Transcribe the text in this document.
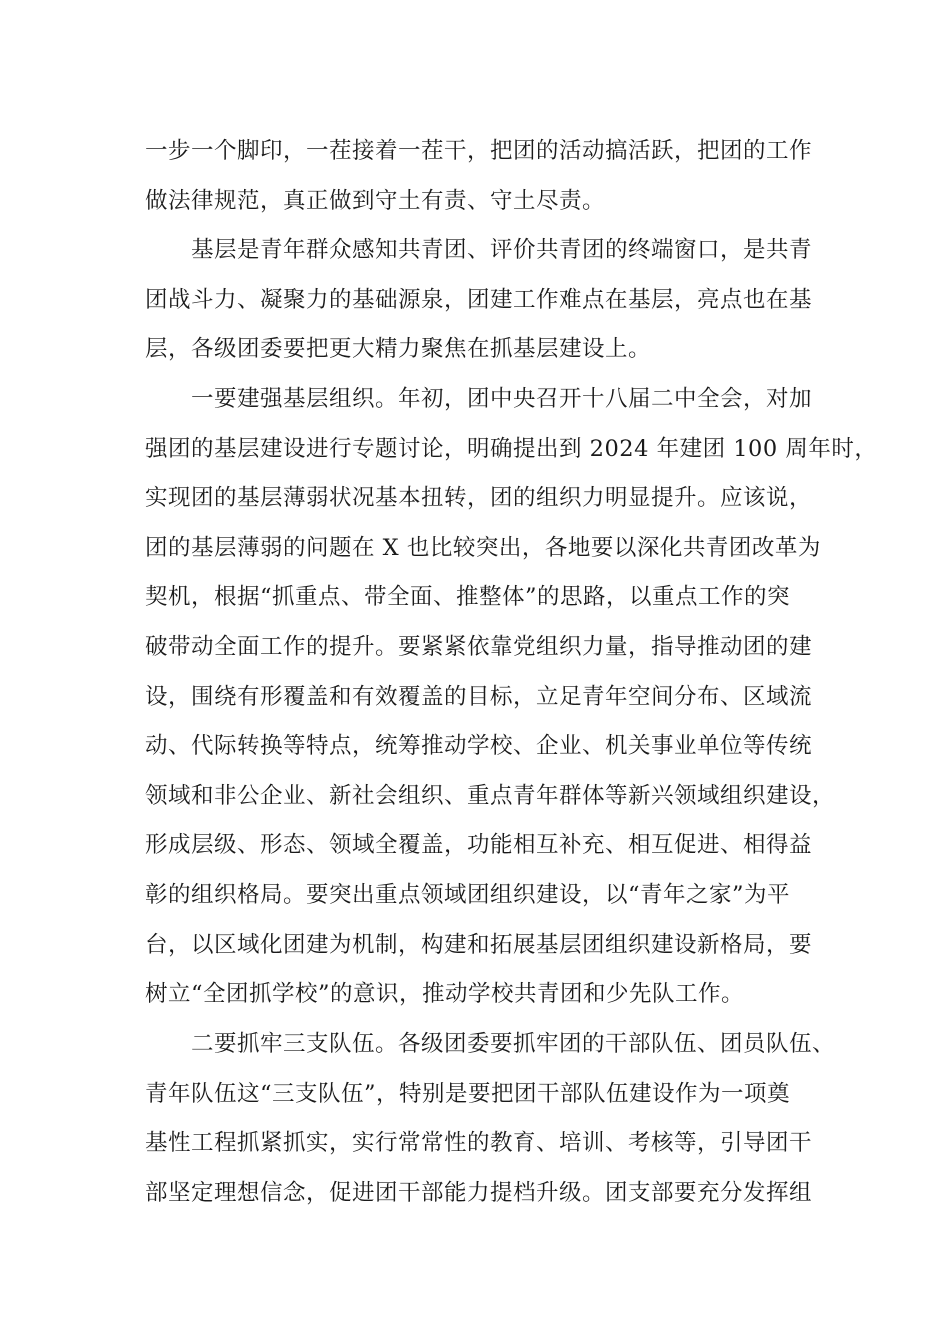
一步一个脚印，一茬接着一茬干，把团的活动搞活跃，把团的工作
做法律规范，真正做到守土有责、守土尽责。

基层是青年群众感知共青团、评价共青团的终端窗口，是共青
团战斗力、凝聚力的基础源泉，团建工作难点在基层，亮点也在基
层，各级团委要把更大精力聚焦在抓基层建设上。

一要建强基层组织。年初，团中央召开十八届二中全会，对加
强团的基层建设进行专题讨论，明确提出到 2024 年建团 100 周年时，
实现团的基层薄弱状况基本扭转，团的组织力明显提升。应该说，
团的基层薄弱的问题在 X 也比较突出，各地要以深化共青团改革为
契机，根据“抓重点、带全面、推整体”的思路，以重点工作的突
破带动全面工作的提升。要紧紧依靠党组织力量，指导推动团的建
设，围绕有形覆盖和有效覆盖的目标，立足青年空间分布、区域流
动、代际转换等特点，统筹推动学校、企业、机关事业单位等传统
领域和非公企业、新社会组织、重点青年群体等新兴领域组织建设，
形成层级、形态、领域全覆盖，功能相互补充、相互促进、相得益
彰的组织格局。要突出重点领域团组织建设，以“青年之家”为平
台，以区域化团建为机制，构建和拓展基层团组织建设新格局，要
树立“全团抓学校”的意识，推动学校共青团和少先队工作。

二要抓牢三支队伍。各级团委要抓牢团的干部队伍、团员队伍、
青年队伍这“三支队伍”，特别是要把团干部队伍建设作为一项奠
基性工程抓紧抓实，实行常常性的教育、培训、考核等，引导团干
部坚定理想信念，促进团干部能力提档升级。团支部要充分发挥组
